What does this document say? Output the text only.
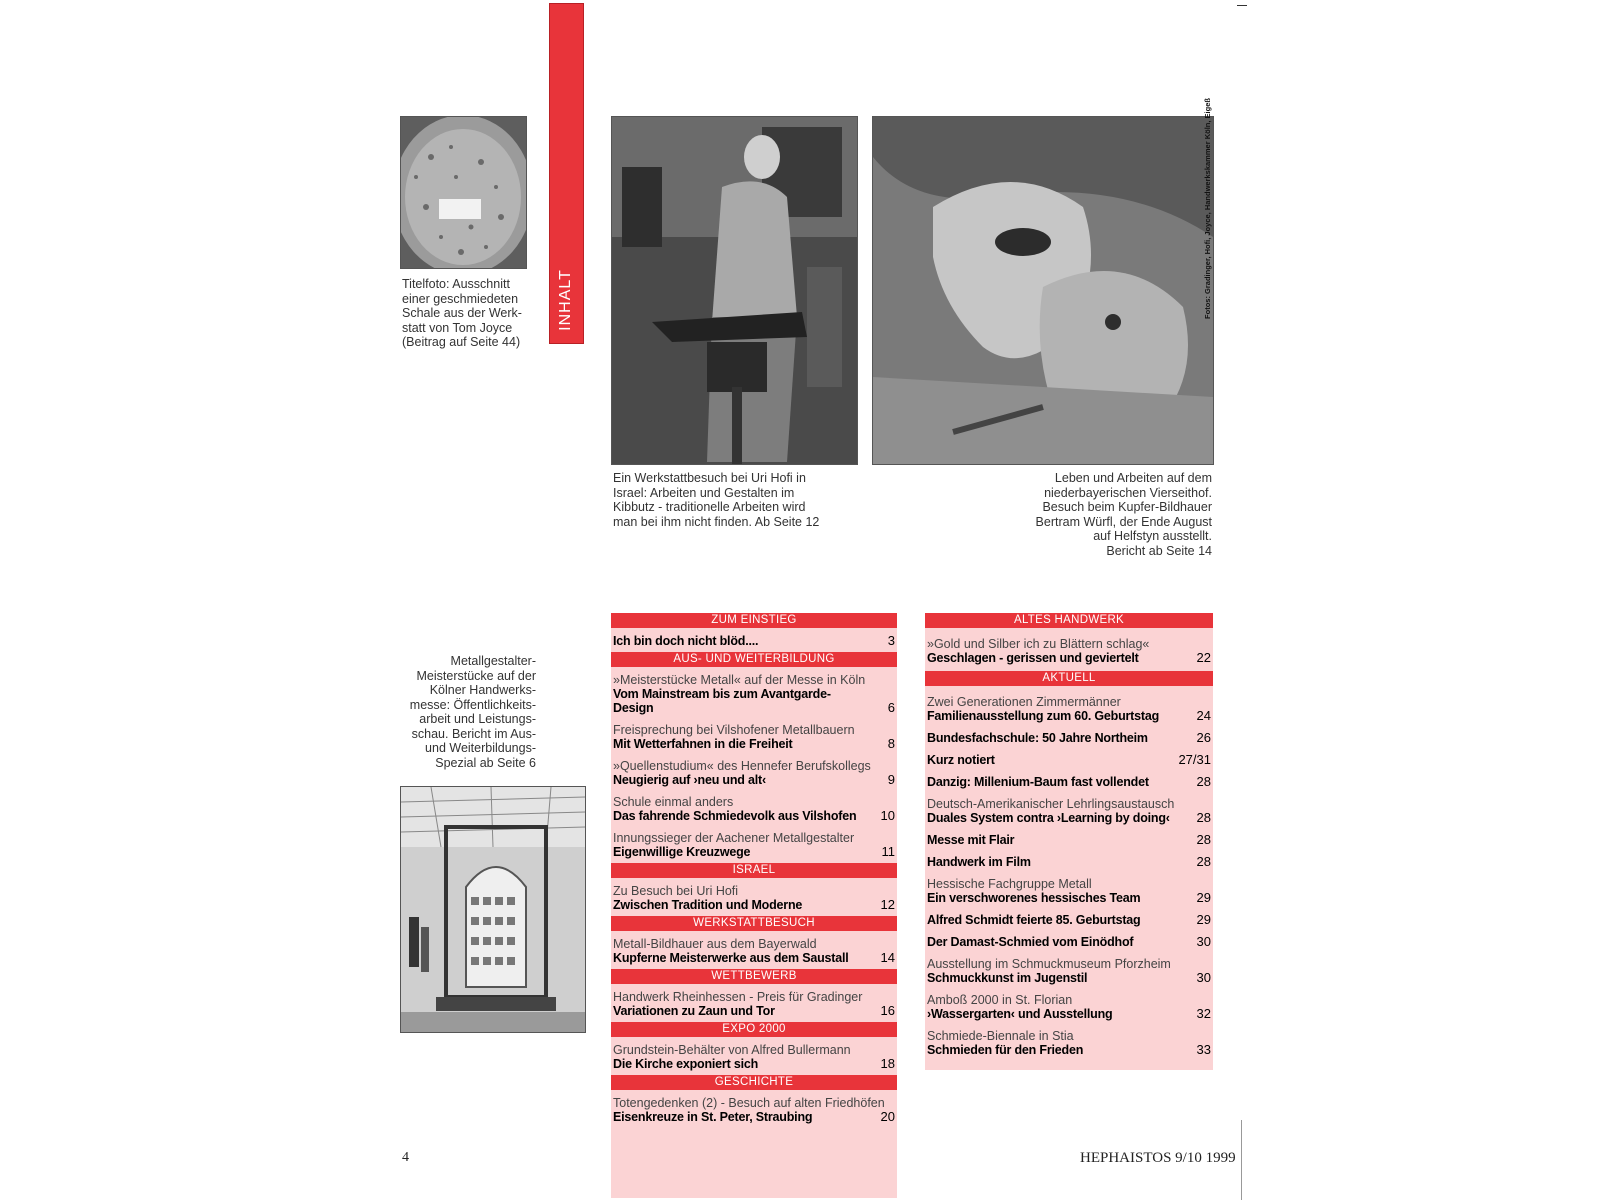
INHALT
Titelfoto: Ausschnitt
einer geschmiedeten
Schale aus der Werk-
statt von Tom Joyce
(Beitrag auf Seite 44)
Ein Werkstattbesuch bei Uri Hofi in
Israel: Arbeiten und Gestalten im
Kibbutz - traditionelle Arbeiten wird
man bei ihm nicht finden. Ab Seite 12
Fotos: Gradinger, Hofi, Joyce, Handwerkskammer Köln, Eigeß
Leben und Arbeiten auf dem
niederbayerischen Vierseithof.
Besuch beim Kupfer-Bildhauer
Bertram Würfl, der Ende August
auf Helfstyn ausstellt.
Bericht ab Seite 14
Metallgestalter-
Meisterstücke auf der
Kölner Handwerks-
messe: Öffentlichkeits-
arbeit und Leistungs-
schau. Bericht im Aus-
und Weiterbildungs-
Spezial ab Seite 6
ZUM EINSTIEG
Ich bin doch nicht blöd....	3
AUS- UND WEITERBILDUNG
»Meisterstücke Metall« auf der Messe in Köln
Vom Mainstream bis zum Avantgarde-Design	6
Freisprechung bei Vilshofener Metallbauern
Mit Wetterfahnen in die Freiheit	8
»Quellenstudium« des Hennefer Berufskollegs
Neugierig auf ›neu und alt‹	9
Schule einmal anders
Das fahrende Schmiedevolk aus Vilshofen	10
Innungssieger der Aachener Metallgestalter
Eigenwillige Kreuzwege	11
ISRAEL
Zu Besuch bei Uri Hofi
Zwischen Tradition und Moderne	12
WERKSTATTBESUCH
Metall-Bildhauer aus dem Bayerwald
Kupferne Meisterwerke aus dem Saustall	14
WETTBEWERB
Handwerk Rheinhessen - Preis für Gradinger
Variationen zu Zaun und Tor	16
EXPO 2000
Grundstein-Behälter von Alfred Bullermann
Die Kirche exponiert sich	18
GESCHICHTE
Totengedenken (2) - Besuch auf alten Friedhöfen
Eisenkreuze in St. Peter, Straubing	20
ALTES HANDWERK
»Gold und Silber ich zu Blättern schlag«
Geschlagen - gerissen und geviertelt	22
AKTUELL
Zwei Generationen Zimmermänner
Familienausstellung zum 60. Geburtstag	24
Bundesfachschule: 50 Jahre Northeim	26
Kurz notiert	27/31
Danzig: Millenium-Baum fast vollendet	28
Deutsch-Amerikanischer Lehrlingsaustausch
Duales System contra ›Learning by doing‹	28
Messe mit Flair	28
Handwerk im Film	28
Hessische Fachgruppe Metall
Ein verschworenes hessisches Team	29
Alfred Schmidt feierte 85. Geburtstag	29
Der Damast-Schmied vom Einödhof	30
Ausstellung im Schmuckmuseum Pforzheim
Schmuckkunst im Jugenstil	30
Amboß 2000 in St. Florian
›Wassergarten‹ und Ausstellung	32
Schmiede-Biennale in Stia
Schmieden für den Frieden	33
4	HEPHAISTOS 9/10 1999
